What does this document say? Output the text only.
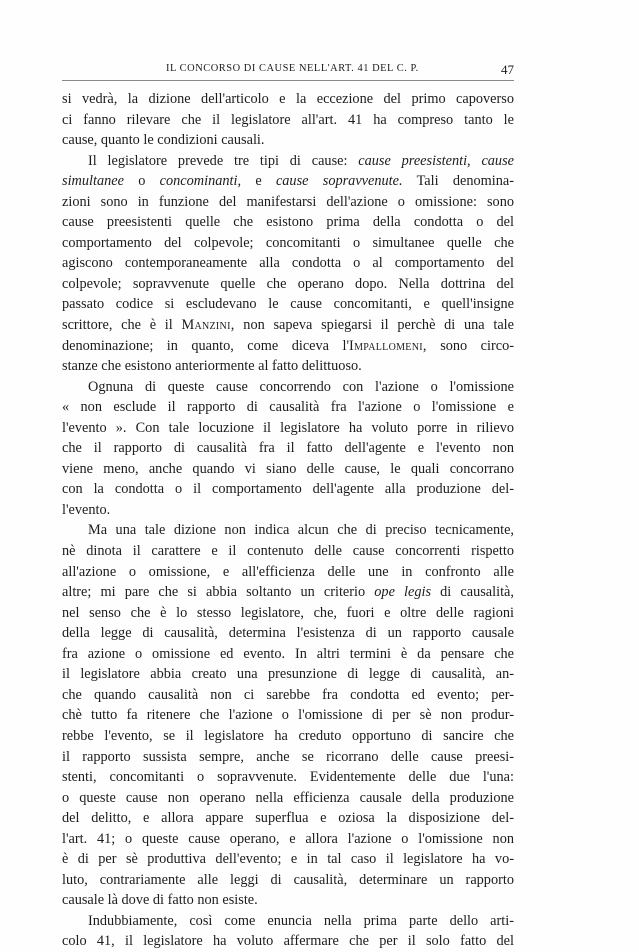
IL CONCORSO DI CAUSE NELL'ART. 41 DEL C. P.	47
si vedrà, la dizione dell'articolo e la eccezione del primo capoverso
ci fanno rilevare che il legislatore all'art. 41 ha compreso tanto le
cause, quanto le condizioni causali.
Il legislatore prevede tre tipi di cause: cause preesistenti, cause
simultanee o concominanti, e cause sopravvenute. Tali denomina-
zioni sono in funzione del manifestarsi dell'azione o omissione: sono
cause preesistenti quelle che esistono prima della condotta o del
comportamento del colpevole; concomitanti o simultanee quelle che
agiscono contemporaneamente alla condotta o al comportamento del
colpevole; sopravvenute quelle che operano dopo. Nella dottrina del
passato codice si escludevano le cause concomitanti, e quell'insigne
scrittore, che è il Manzini, non sapeva spiegarsi il perchè di una tale
denominazione; in quanto, come diceva l'Impallomeni, sono circo-
stanze che esistono anteriormente al fatto delittuoso.
Ognuna di queste cause concorrendo con l'azione o l'omissione
« non esclude il rapporto di causalità fra l'azione o l'omissione e
l'evento ». Con tale locuzione il legislatore ha voluto porre in rilievo
che il rapporto di causalità fra il fatto dell'agente e l'evento non
viene meno, anche quando vi siano delle cause, le quali concorrano
con la condotta o il comportamento dell'agente alla produzione del-
l'evento.
Ma una tale dizione non indica alcun che di preciso tecnicamente,
nè dinota il carattere e il contenuto delle cause concorrenti rispetto
all'azione o omissione, e all'efficienza delle une in confronto alle
altre; mi pare che si abbia soltanto un criterio ope legis di causalità,
nel senso che è lo stesso legislatore, che, fuori e oltre delle ragioni
della legge di causalità, determina l'esistenza di un rapporto causale
fra azione o omissione ed evento. In altri termini è da pensare che
il legislatore abbia creato una presunzione di legge di causalità, an-
che quando causalità non ci sarebbe fra condotta ed evento; per-
chè tutto fa ritenere che l'azione o l'omissione di per sè non produr-
rebbe l'evento, se il legislatore ha creduto opportuno di sancire che
il rapporto sussista sempre, anche se ricorrano delle cause preesi-
stenti, concomitanti o sopravvenute. Evidentemente delle due l'una:
o queste cause non operano nella efficienza causale della produzione
del delitto, e allora appare superflua e oziosa la disposizione del-
l'art. 41; o queste cause operano, e allora l'azione o l'omissione non
è di per sè produttiva dell'evento; e in tal caso il legislatore ha vo-
luto, contrariamente alle leggi di causalità, determinare un rapporto
causale là dove di fatto non esiste.
Indubbiamente, così come enuncia nella prima parte dello arti-
colo 41, il legislatore ha voluto affermare che per il solo fatto del
